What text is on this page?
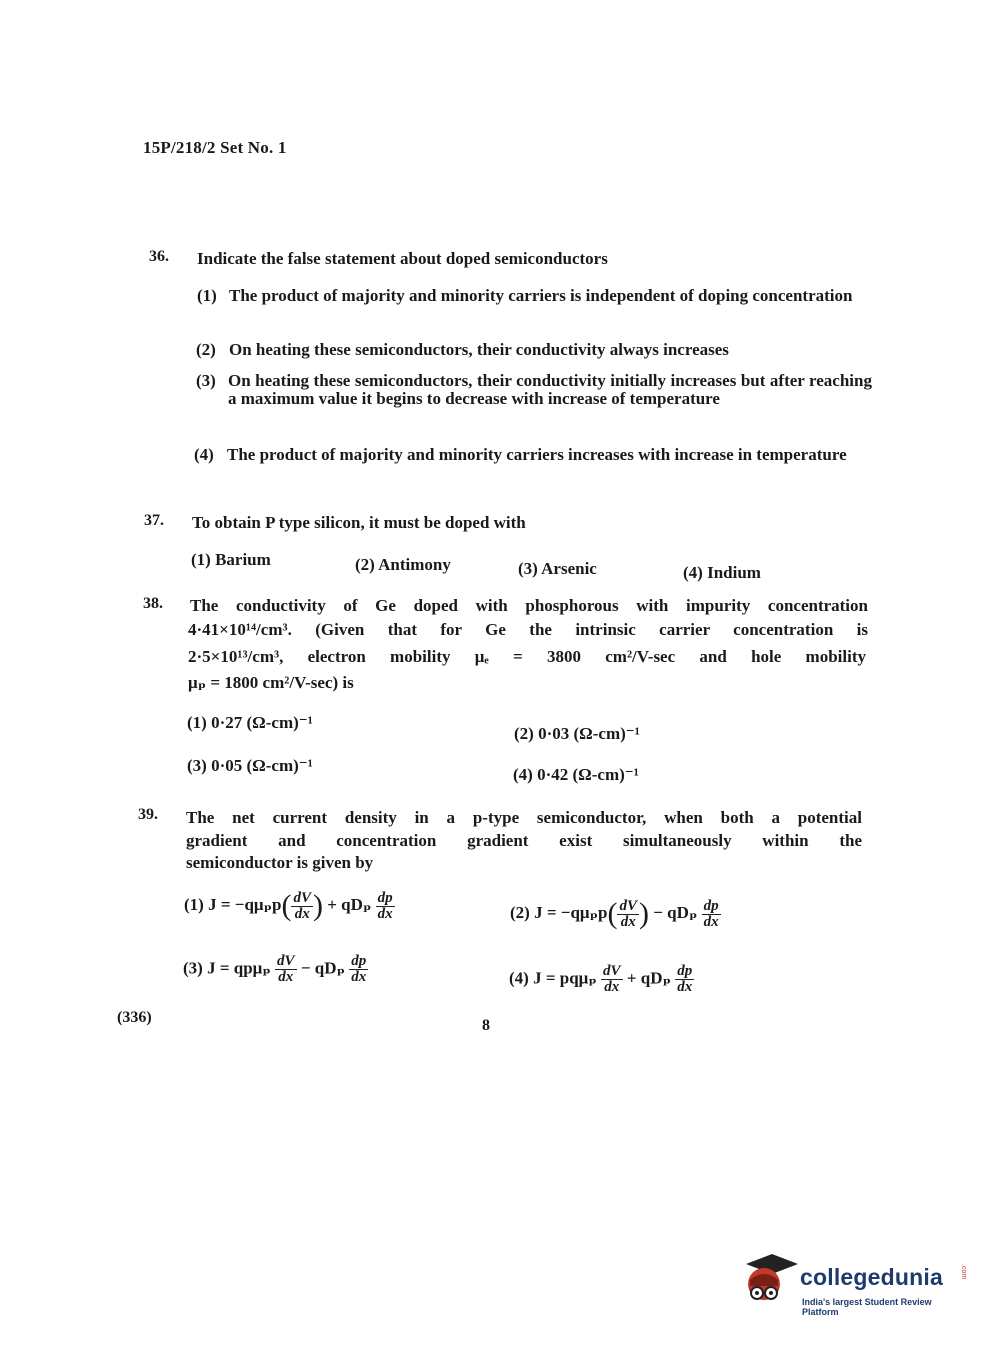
15P/218/2 Set No. 1
36. Indicate the false statement about doped semiconductors
(1) The product of majority and minority carriers is independent of doping concentration
(2) On heating these semiconductors, their conductivity always increases
(3) On heating these semiconductors, their conductivity initially increases but after reaching a maximum value it begins to decrease with increase of temperature
(4) The product of majority and minority carriers increases with increase in temperature
37. To obtain P type silicon, it must be doped with
(1) Barium	(2) Antimony	(3) Arsenic	(4) Indium
38. The conductivity of Ge doped with phosphorous with impurity concentration
4·41×10¹⁴/cm³. (Given that for Ge the intrinsic carrier concentration is
2·5×10¹³/cm³, electron mobility μₑ = 3800 cm²/V-sec and hole mobility
μₚ = 1800 cm²/V-sec) is
(1) 0·27 (Ω-cm)⁻¹
(2) 0·03 (Ω-cm)⁻¹
(3) 0·05 (Ω-cm)⁻¹	(4) 0·42 (Ω-cm)⁻¹
39. The net current density in a p-type semiconductor, when both a potential
gradient and concentration gradient exist simultaneously within the
semiconductor is given by
(1) $J = -q\mu_pp( \frac{dV}{dx}$ ) + qDₚ $\frac{dp}{dx}$	(2) $J = -q\mu_pp( \frac{dV}{dx}$ ) − qDₚ $\frac{dp}{dx}$
(3) J = qpμₚ $\frac{dV}{dx} - qD_p \frac{dp}{dx}$	(4) J = pqμₚ $\frac{dV}{dx} + qD_p \frac{dp}{dx}$
(336)	8
collegedunia .com
India's largest Student Review Platform
